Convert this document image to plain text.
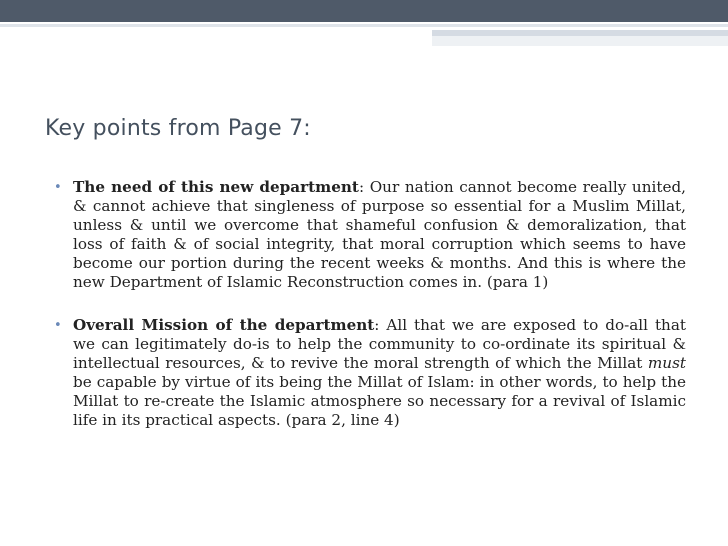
Key points from Page 7:
• The need of this new department: Our nation cannot become really united, & cannot achieve that singleness of purpose so essential for a Muslim Millat, unless & until we overcome that shameful confusion & demoralization, that loss of faith & of social integrity, that moral corruption which seems to have become our portion during the recent weeks & months. And this is where the new Department of Islamic Reconstruction comes in. (para 1)
• Overall Mission of the department: All that we are exposed to do-all that we can legitimately do-is to help the community to co-ordinate its spiritual & intellectual resources, & to revive the moral strength of which the Millat must be capable by virtue of its being the Millat of Islam: in other words, to help the Millat to re-create the Islamic atmosphere so necessary for a revival of Islamic life in its practical aspects. (para 2, line 4)
